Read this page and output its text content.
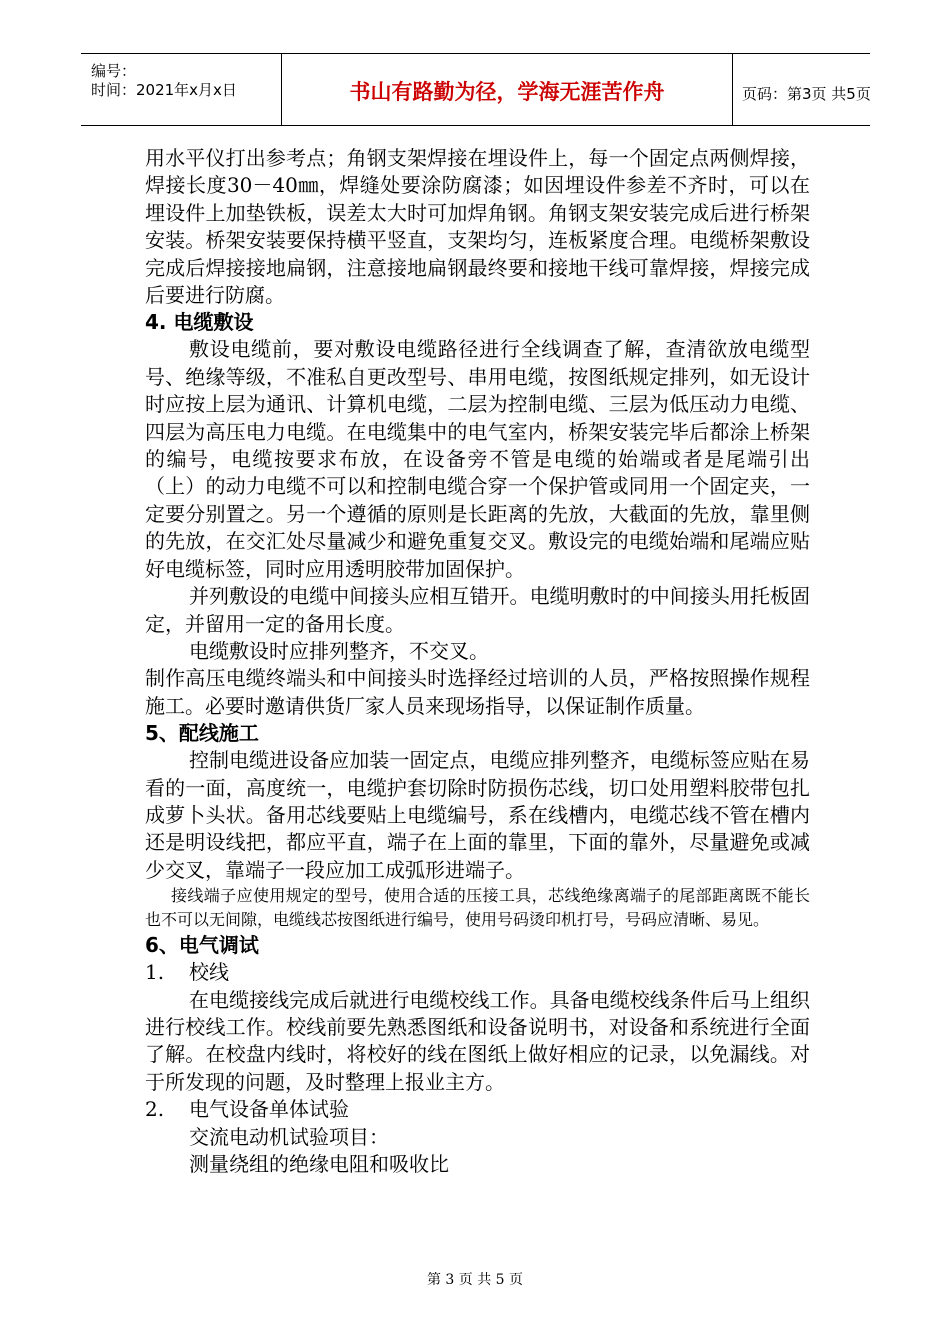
编号：
时间：2021年x月x日	书山有路勤为径，学海无涯苦作舟	页码：第3页 共5页

用水平仪打出参考点；角钢支架焊接在埋设件上，每一个固定点两侧焊接，焊接长度30－40㎜，焊缝处要涂防腐漆；如因埋设件参差不齐时，可以在埋设件上加垫铁板，误差太大时可加焊角钢。角钢支架安装完成后进行桥架安装。桥架安装要保持横平竖直，支架均匀，连板紧度合理。电缆桥架敷设完成后焊接接地扁钢，注意接地扁钢最终要和接地干线可靠焊接，焊接完成后要进行防腐。

4. 电缆敷设

敷设电缆前，要对敷设电缆路径进行全线调查了解，查清欲放电缆型号、绝缘等级，不准私自更改型号、串用电缆，按图纸规定排列，如无设计时应按上层为通讯、计算机电缆，二层为控制电缆、三层为低压动力电缆、四层为高压电力电缆。在电缆集中的电气室内，桥架安装完毕后都涂上桥架的编号，电缆按要求布放，在设备旁不管是电缆的始端或者是尾端引出（上）的动力电缆不可以和控制电缆合穿一个保护管或同用一个固定夹，一定要分别置之。另一个遵循的原则是长距离的先放，大截面的先放，靠里侧的先放，在交汇处尽量减少和避免重复交叉。敷设完的电缆始端和尾端应贴好电缆标签，同时应用透明胶带加固保护。

并列敷设的电缆中间接头应相互错开。电缆明敷时的中间接头用托板固定，并留用一定的备用长度。

电缆敷设时应排列整齐，不交叉。

制作高压电缆终端头和中间接头时选择经过培训的人员，严格按照操作规程施工。必要时邀请供货厂家人员来现场指导，以保证制作质量。

5、配线施工

控制电缆进设备应加装一固定点，电缆应排列整齐，电缆标签应贴在易看的一面，高度统一，电缆护套切除时防损伤芯线，切口处用塑料胶带包扎成萝卜头状。备用芯线要贴上电缆编号，系在线槽内，电缆芯线不管在槽内还是明设线把，都应平直，端子在上面的靠里，下面的靠外，尽量避免或减少交叉，靠端子一段应加工成弧形进端子。

接线端子应使用规定的型号，使用合适的压接工具，芯线绝缘离端子的尾部距离既不能长也不可以无间隙，电缆线芯按图纸进行编号，使用号码烫印机打号，号码应清晰、易见。

6、电气调试
1. 校线

在电缆接线完成后就进行电缆校线工作。具备电缆校线条件后马上组织进行校线工作。校线前要先熟悉图纸和设备说明书，对设备和系统进行全面了解。在校盘内线时，将校好的线在图纸上做好相应的记录，以免漏线。对于所发现的问题，及时整理上报业主方。

2. 电气设备单体试验
交流电动机试验项目：
测量绕组的绝缘电阻和吸收比
第 3 页 共 5 页
